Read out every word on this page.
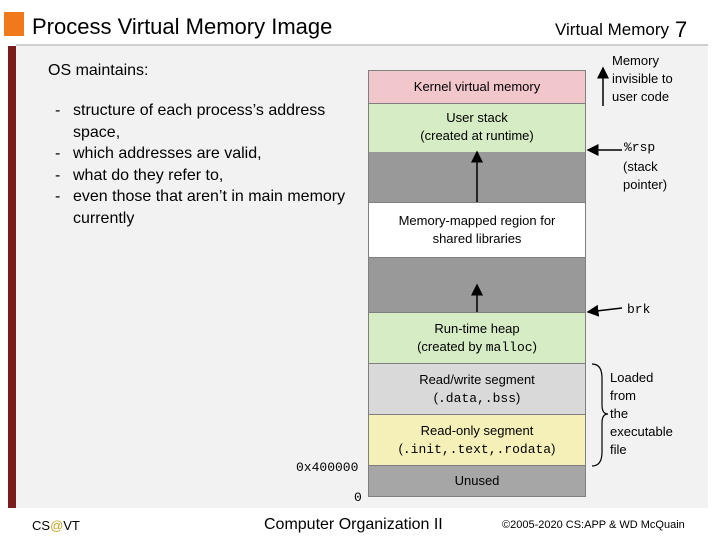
Process Virtual Memory Image	Virtual Memory 7
OS maintains:
- structure of each process’s address space,
- which addresses are valid,
- what do they refer to,
- even those that aren’t in main memory currently
Kernel virtual memory
User stack
(created at runtime)
Memory-mapped region for
shared libraries
Run-time heap
(created by malloc)
Read/write segment
(.data,.bss)
Read-only segment
(.init,.text,.rodata)
Unused
0x400000
0
Memory
invisible to
user code
%rsp
(stack
pointer)
brk
Loaded
from
the
executable
file
CS@VT	Computer Organization II	©2005-2020 CS:APP & WD McQuain
